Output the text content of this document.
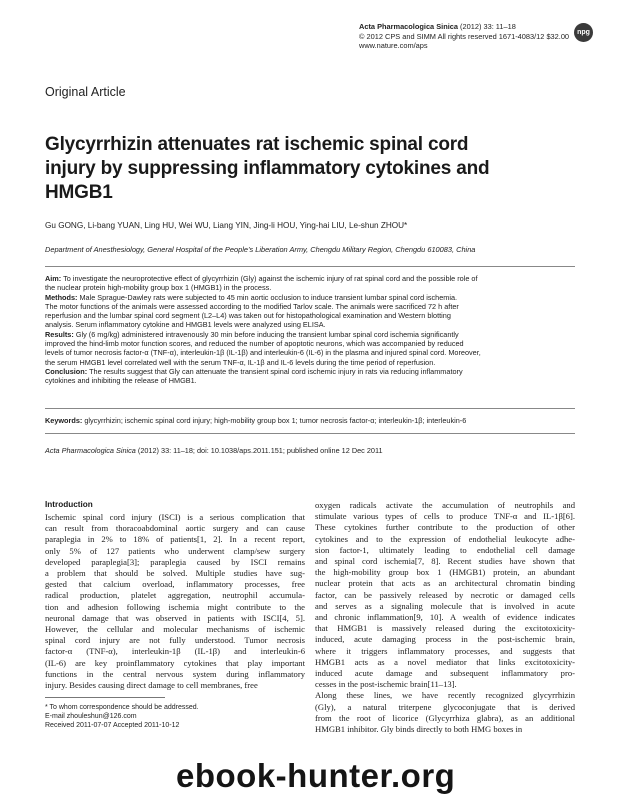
Acta Pharmacologica Sinica (2012) 33: 11–18
© 2012 CPS and SIMM All rights reserved 1671-4083/12 $32.00
www.nature.com/aps
npg
Original Article
Glycyrrhizin attenuates rat ischemic spinal cord
injury by suppressing inflammatory cytokines and
HMGB1
Gu GONG, Li-bang YUAN, Ling HU, Wei WU, Liang YIN, Jing-li HOU, Ying-hai LIU, Le-shun ZHOU*
Department of Anesthesiology, General Hospital of the People’s Liberation Army, Chengdu Military Region, Chengdu 610083, China

Aim: To investigate the neuroprotective effect of glycyrrhizin (Gly) against the ischemic injury of rat spinal cord and the possible role of

the nuclear protein high-mobility group box 1 (HMGB1) in the process.

Methods: Male Sprague-Dawley rats were subjected to 45 min aortic occlusion to induce transient lumbar spinal cord ischemia.

The motor functions of the animals were assessed according to the modified Tarlov scale. The animals were sacrificed 72 h after

reperfusion and the lumbar spinal cord segment (L2–L4) was taken out for histopathological examination and Western blotting

analysis. Serum inflammatory cytokine and HMGB1 levels were analyzed using ELISA.

Results: Gly (6 mg/kg) administered intravenously 30 min before inducing the transient lumbar spinal cord ischemia significantly

improved the hind-limb motor function scores, and reduced the number of apoptotic neurons, which was accompanied by reduced

levels of tumor necrosis factor-α (TNF-α), interleukin-1β (IL-1β) and interleukin-6 (IL-6) in the plasma and injured spinal cord. Moreover,

the serum HMGB1 level correlated well with the serum TNF-α, IL-1β and IL-6 levels during the time period of reperfusion.

Conclusion: The results suggest that Gly can attenuate the transient spinal cord ischemic injury in rats via reducing inflammatory

cytokines and inhibiting the release of HMGB1.

Keywords: glycyrrhizin; ischemic spinal cord injury; high-mobility group box 1; tumor necrosis factor-α; interleukin-1β; interleukin-6
Acta Pharmacologica Sinica (2012) 33: 11–18; doi: 10.1038/aps.2011.151; published online 12 Dec 2011
Introduction
Ischemic spinal cord injury (ISCI) is a serious complication that
can result from thoracoabdominal aortic surgery and can cause
paraplegia in 2% to 18% of patients[1, 2]. In a recent report,
only 5% of 127 patients who underwent clamp/sew surgery
developed paraplegia[3]; paraplegia caused by ISCI remains
a problem that should be solved. Multiple studies have sug-
gested that calcium overload, inflammatory processes, free
radical production, platelet aggregation, neutrophil accumula-
tion and adhesion following ischemia might contribute to the
neuronal damage that was observed in patients with ISCI[4, 5].
However, the cellular and molecular mechanisms of ischemic
spinal cord injury are not fully understood. Tumor necrosis
factor-α (TNF-α), interleukin-1β (IL-1β) and interleukin-6
(IL-6) are key proinflammatory cytokines that play important
functions in the central nervous system during inflammatory
injury. Besides causing direct damage to cell membranes, free
oxygen radicals activate the accumulation of neutrophils and
stimulate various types of cells to produce TNF-α and IL-1β[6].
These cytokines further contribute to the production of other
cytokines and to the expression of endothelial leukocyte adhe-
sion factor-1, ultimately leading to endothelial cell damage
and spinal cord ischemia[7, 8]. Recent studies have shown that
the high-mobility group box 1 (HMGB1) protein, an abundant
nuclear protein that acts as an architectural chromatin binding
factor, can be passively released by necrotic or damaged cells
and serves as a signaling molecule that is involved in acute
and chronic inflammation[9, 10]. A wealth of evidence indicates
that HMGB1 is massively released during the excitotoxicity-
induced, acute damaging process in the post-ischemic brain,
where it triggers inflammatory processes, and suggests that
HMGB1 acts as a novel mediator that links excitotoxicity-
induced acute damage and subsequent inflammatory pro-
cesses in the post-ischemic brain[11–13].
Along these lines, we have recently recognized glycyrrhizin
(Gly), a natural triterpene glycoconjugate that is derived
from the root of licorice (Glycyrrhiza glabra), as an additional
HMGB1 inhibitor. Gly binds directly to both HMG boxes in
* To whom correspondence should be addressed.
E-mail zhouleshun@126.com
Received 2011-07-07 Accepted 2011-10-12
ebook-hunter.org
